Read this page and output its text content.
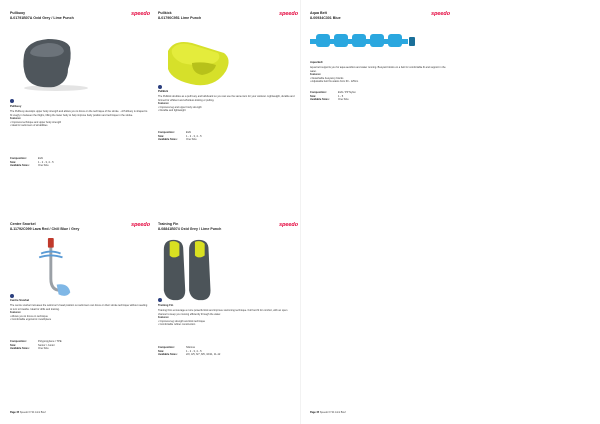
Pullbuoy
8-01791B07A Oxid Grey / Lime Punch
speedo
Pullbuoy

The Pullbuoy develops upper body strength and allows you to focus on the technique of the stroke. - A Pullbuoy is shaped to fit snugly in between the thighs, lifting the lower body to help improve body position and technique in the stroke.
Features:
• Improves technique and upper body strength
• Ideal for swimmers of all abilities

Composition:	EVA
Size:	1 - 2 - 3, 4 - 5
Available Sizes:	One Size
Pullkick
8-01790C951 Lime Punch
speedo
Pullkick

The Pullkick doubles as a pull buoy and kickboard so you can use the same item for your workout. Lightweight, durable and formed for efficient and effortless kicking or pulling.
Features:
• Improves leg and upper body strength
• Durable and lightweight

Composition:	EVA
Size:	1 - 2 - 3, 4 - 5
Available Sizes:	One Size
Centre Snorkel
8-11792C099 Lava Red / Chill Blue / Grey
speedo
Centre Snorkel

The centre snorkel increases the swimmer's head position so swimmers can focus on their stroke technique without needing to turn to breathe. Ideal for drills and training.
Features:
• Allows you to focus on technique
• Comfortable ergonomic mouthpiece

Composition:	Polypropylene / TPE
Size:	Senior / Junior
Available Sizes:	One Size
Training Fin
8-08841B074 Oxid Grey / Lime Punch
speedo
Training Fin

Training Fins encourage a more powerful kick and improve swimming technique. Full foot fit for comfort, with an open channel to keep you moving efficiently through the water.
Features:
• Improves leg strength and kick technique
• Comfortable rubber construction

Composition:	Silicone
Size:	1 - 2 - 3, 4 - 5
Available Sizes:	2/3, 4/5, 6/7, 8/9, 10/11, 11-12
Page 45 Speedo FY24 Joint Brief
Aqua Belt
8-00934C301 Blue
speedo
Aqua Belt

Aqua belt supports you for aqua aerobics and water running. Buoyant blocks on a belt for comfortable fit and support in the water.
Features:
• Detachable buoyancy blocks
• Adjustable belt fits waists from 60 - 125cm

Composition:	EVA / PP Nylon
Size:	1 - 5
Available Sizes:	One Size
Page 45 Speedo FY24 Joint Brief
